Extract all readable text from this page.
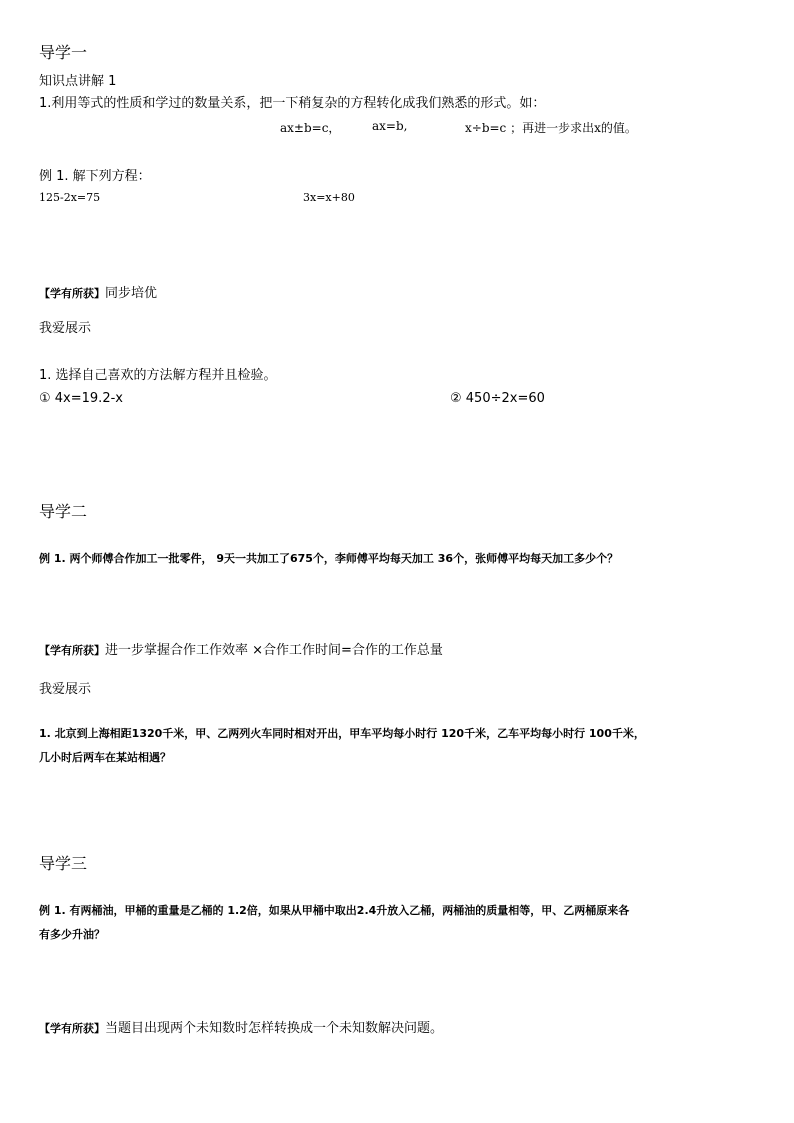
导学一
知识点讲解 1
1.利用等式的性质和学过的数量关系，把一下稍复杂的方程转化成我们熟悉的形式。如：
ax±b=c，	ax=b,	x÷b=c ；再进一步求出x的值。
例 1. 解下列方程：
125-2x=75	3x=x+80
【学有所获】同步培优
我爱展示
1. 选择自己喜欢的方法解方程并且检验。
① 4x=19.2-x	② 450÷2x=60
导学二
例 1. 两个师傅合作加工一批零件， 9天一共加工了675个，李师傅平均每天加工 36个，张师傅平均每天加工多少个？
【学有所获】进一步掌握合作工作效率 ×合作工作时间=合作的工作总量
我爱展示
1. 北京到上海相距1320千米，甲、乙两列火车同时相对开出，甲车平均每小时行 120千米，乙车平均每小时行 100千米，
几小时后两车在某站相遇？
导学三
例 1. 有两桶油，甲桶的重量是乙桶的 1.2倍，如果从甲桶中取出2.4升放入乙桶，两桶油的质量相等，甲、乙两桶原来各
有多少升油？
【学有所获】当题目出现两个未知数时怎样转换成一个未知数解决问题。
